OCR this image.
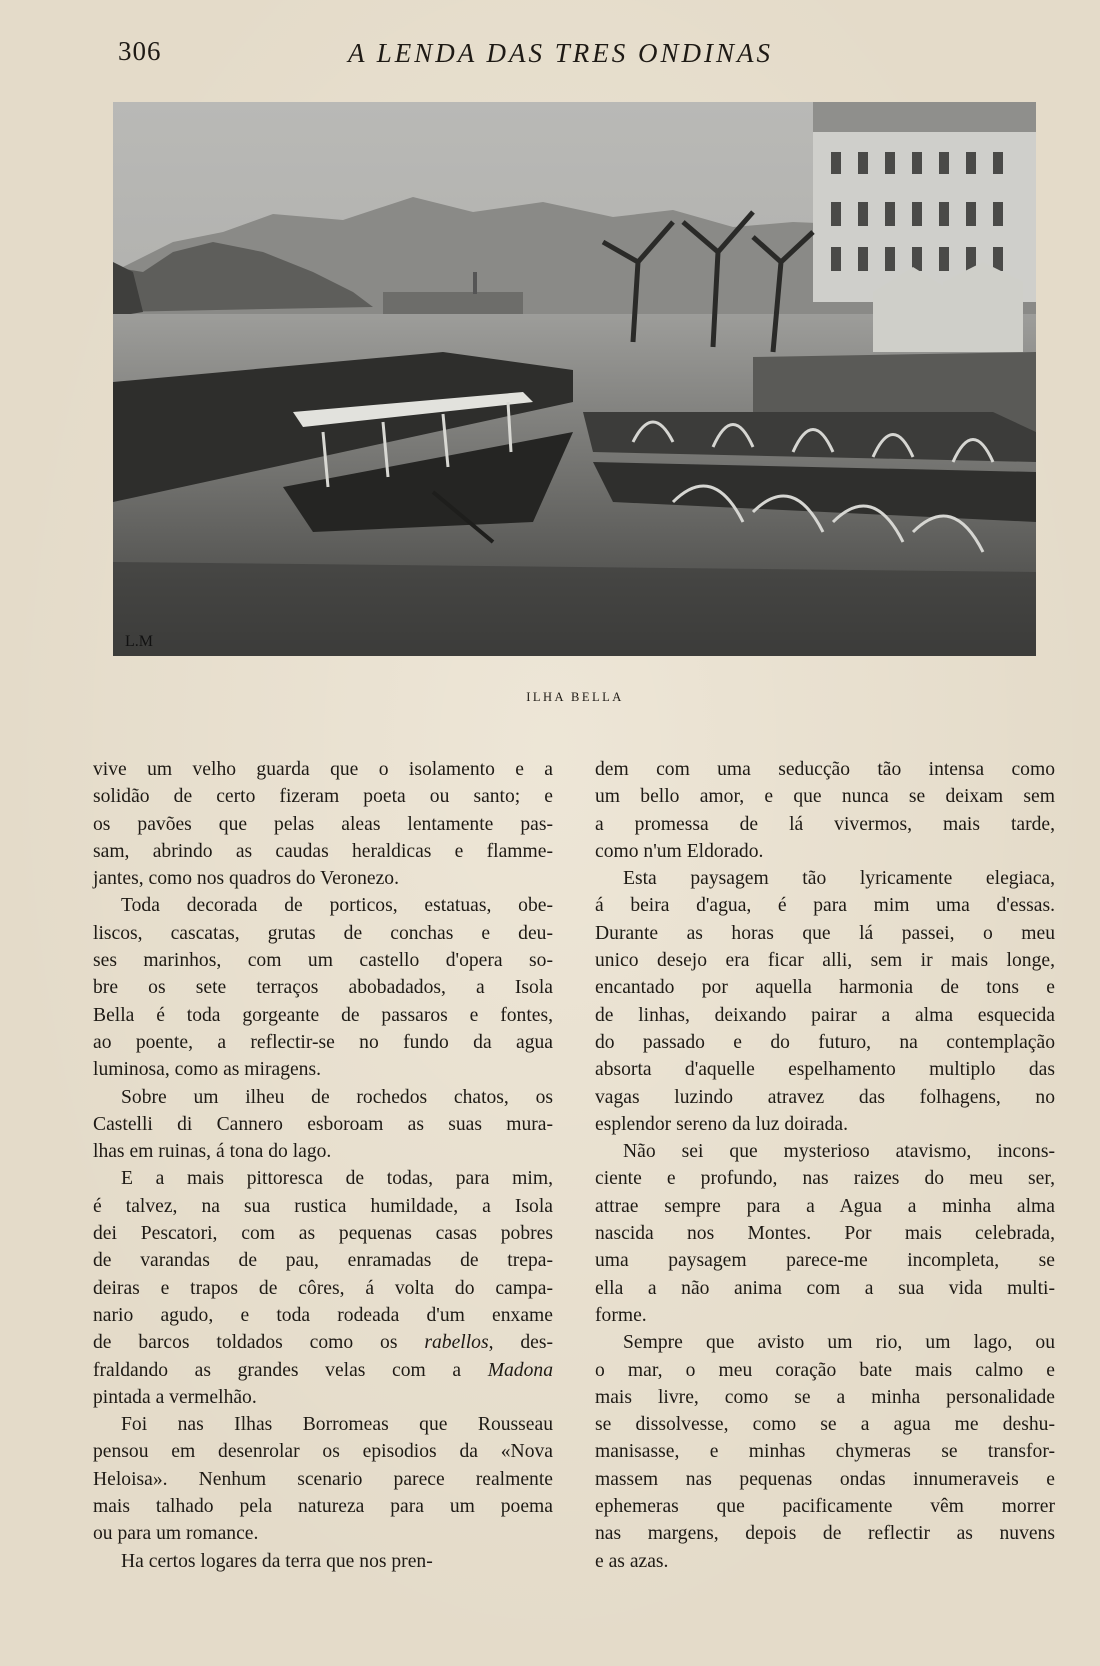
306	A LENDA DAS TRES ONDINAS
L.M
ILHA BELLA

vive um velho guarda que o isolamento e a

solidão de certo fizeram poeta ou santo; e

os pavões que pelas aleas lentamente pas-

sam, abrindo as caudas heraldicas e flamme-

jantes, como nos quadros do Veronezo.

Toda decorada de porticos, estatuas, obe-

liscos, cascatas, grutas de conchas e deu-

ses marinhos, com um castello d'opera so-

bre os sete terraços abobadados, a Isola

Bella é toda gorgeante de passaros e fontes,

ao poente, a reflectir-se no fundo da agua

luminosa, como as miragens.

Sobre um ilheu de rochedos chatos, os

Castelli di Cannero esboroam as suas mura-

lhas em ruinas, á tona do lago.

E a mais pittoresca de todas, para mim,

é talvez, na sua rustica humildade, a Isola

dei Pescatori, com as pequenas casas pobres

de varandas de pau, enramadas de trepa-

deiras e trapos de côres, á volta do campa-

nario agudo, e toda rodeada d'um enxame

de barcos toldados como os rabellos, des-

fraldando as grandes velas com a Madona

pintada a vermelhão.

Foi nas Ilhas Borromeas que Rousseau

pensou em desenrolar os episodios da «Nova

Heloisa». Nenhum scenario parece realmente

mais talhado pela natureza para um poema

ou para um romance.

Ha certos logares da terra que nos pren-

dem com uma seducção tão intensa como

um bello amor, e que nunca se deixam sem

a promessa de lá vivermos, mais tarde,

como n'um Eldorado.

Esta paysagem tão lyricamente elegiaca,

á beira d'agua, é para mim uma d'essas.

Durante as horas que lá passei, o meu

unico desejo era ficar alli, sem ir mais longe,

encantado por aquella harmonia de tons e

de linhas, deixando pairar a alma esquecida

do passado e do futuro, na contemplação

absorta d'aquelle espelhamento multiplo das

vagas luzindo atravez das folhagens, no

esplendor sereno da luz doirada.

Não sei que mysterioso atavismo, incons-

ciente e profundo, nas raizes do meu ser,

attrae sempre para a Agua a minha alma

nascida nos Montes. Por mais celebrada,

uma paysagem parece-me incompleta, se

ella a não anima com a sua vida multi-

forme.

Sempre que avisto um rio, um lago, ou

o mar, o meu coração bate mais calmo e

mais livre, como se a minha personalidade

se dissolvesse, como se a agua me deshu-

manisasse, e minhas chymeras se transfor-

massem nas pequenas ondas innumeraveis e

ephemeras que pacificamente vêm morrer

nas margens, depois de reflectir as nuvens

e as azas.
